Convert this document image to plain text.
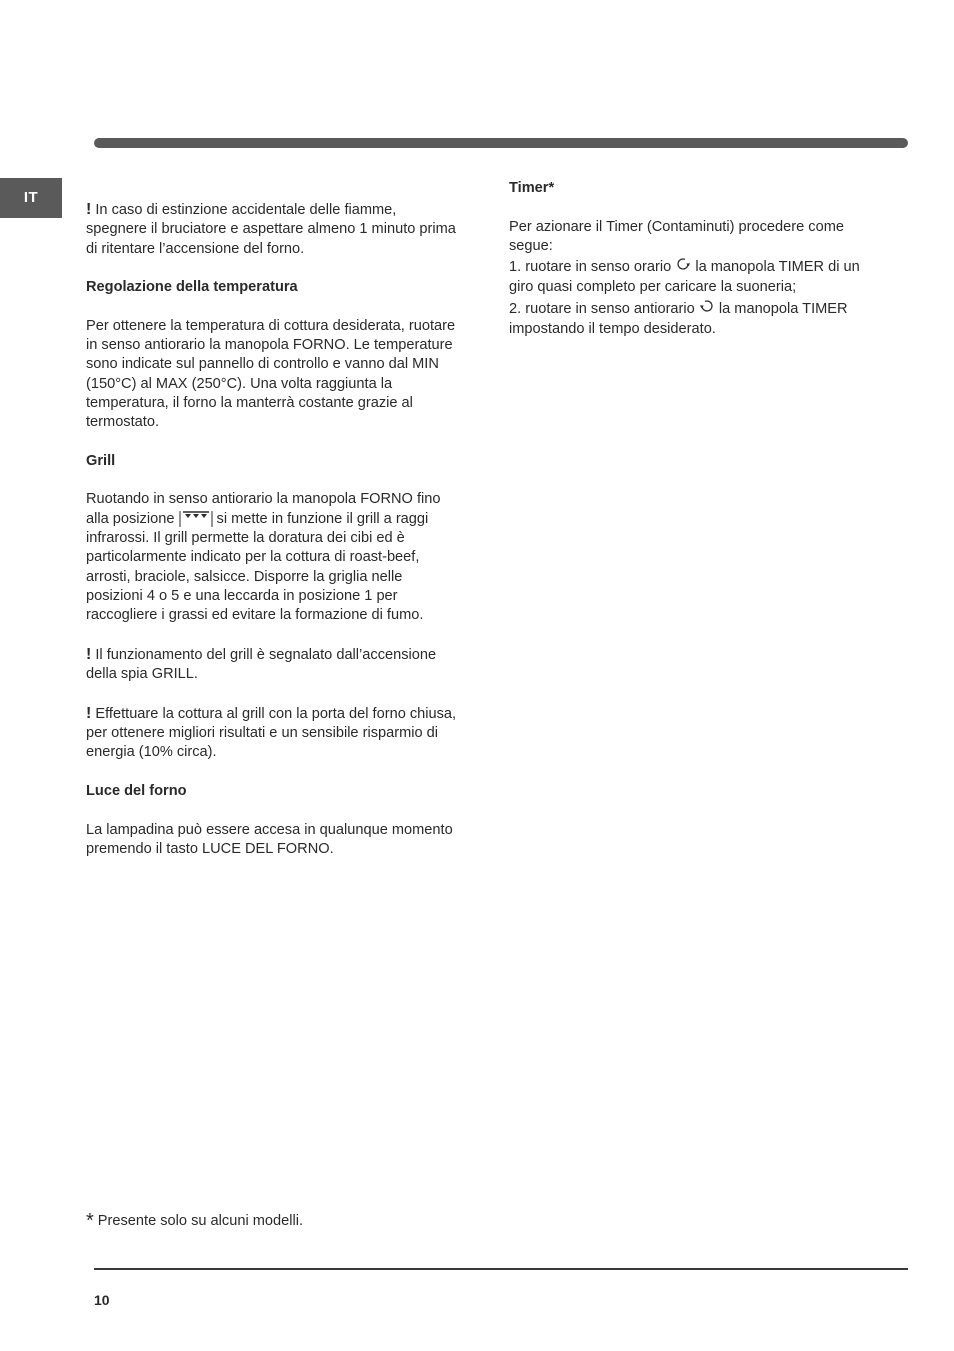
IT

! In caso di estinzione accidentale delle fiamme, spegnere il bruciatore e aspettare almeno 1 minuto prima di ritentare l’accensione del forno.

Regolazione della temperatura

Per ottenere la temperatura di cottura desiderata, ruotare in senso antiorario la manopola FORNO. Le temperature sono indicate sul pannello di controllo e vanno dal MIN (150°C) al MAX (250°C). Una volta raggiunta la temperatura, il forno la manterrà costante grazie al termostato.

Grill

Ruotando in senso antiorario la manopola FORNO fino alla posizione
si mette in funzione il grill a raggi infrarossi. Il grill permette la doratura dei cibi ed è particolarmente indicato per la cottura di roast-beef, arrosti, braciole, salsicce. Disporre la griglia nelle posizioni 4 o 5 e una leccarda in posizione 1 per raccogliere i grassi ed evitare la formazione di fumo.

! Il funzionamento del grill è segnalato dall’accensione della spia GRILL.

! Effettuare la cottura al grill con la porta del forno chiusa, per ottenere migliori risultati e un sensibile risparmio di energia (10% circa).

Luce del forno

La lampadina può essere accesa in qualunque momento premendo il tasto LUCE DEL FORNO.

Timer*

Per azionare il Timer (Contaminuti) procedere come segue:
1. ruotare in senso orario  la manopola TIMER di un giro quasi completo per caricare la suoneria;
2. ruotare in senso antiorario  la manopola TIMER impostando il tempo desiderato.

* Presente solo su alcuni modelli.
10
